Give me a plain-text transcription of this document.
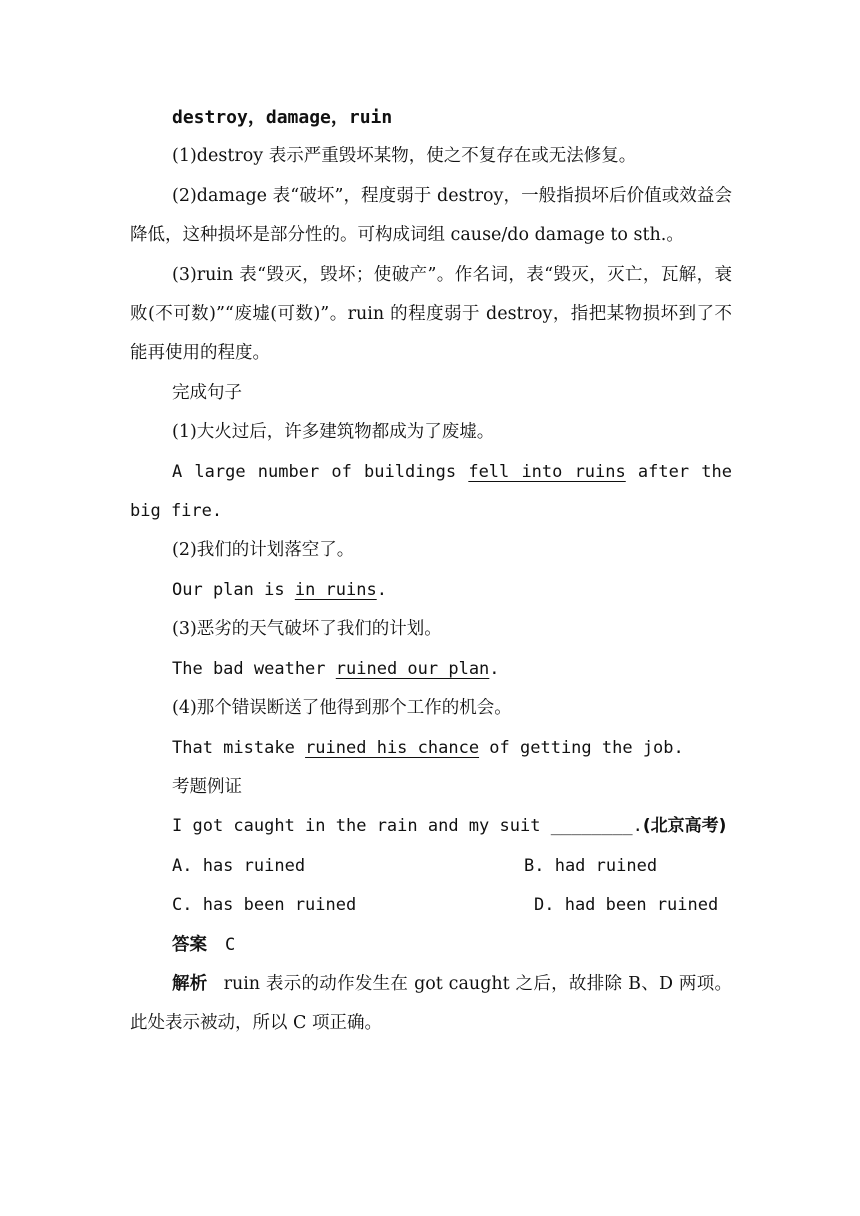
destroy，damage，ruin
(1)destroy 表示严重毁坏某物，使之不复存在或无法修复。
(2)damage 表“破坏”，程度弱于 destroy，一般指损坏后价值或效益会降低，这种损坏是部分性的。可构成词组 cause/do damage to sth.。
(3)ruin 表“毁灭，毁坏；使破产”。作名词，表“毁灭，灭亡，瓦解，衰败(不可数)”“废墟(可数)”。ruin 的程度弱于 destroy，指把某物损坏到了不能再使用的程度。
完成句子
(1)大火过后，许多建筑物都成为了废墟。
A large number of buildings fell into ruins after the big fire.
(2)我们的计划落空了。
Our plan is in ruins.
(3)恶劣的天气破坏了我们的计划。
The bad weather ruined our plan.
(4)那个错误断送了他得到那个工作的机会。
That mistake ruined his chance of getting the job.
考题例证
I got caught in the rain and my suit ________.(北京高考)
A. has ruined	B. had ruined
C. has been ruined	D. had been ruined
答案 C
解析 ruin 表示的动作发生在 got caught 之后，故排除 B、D 两项。此处表示被动，所以 C 项正确。
